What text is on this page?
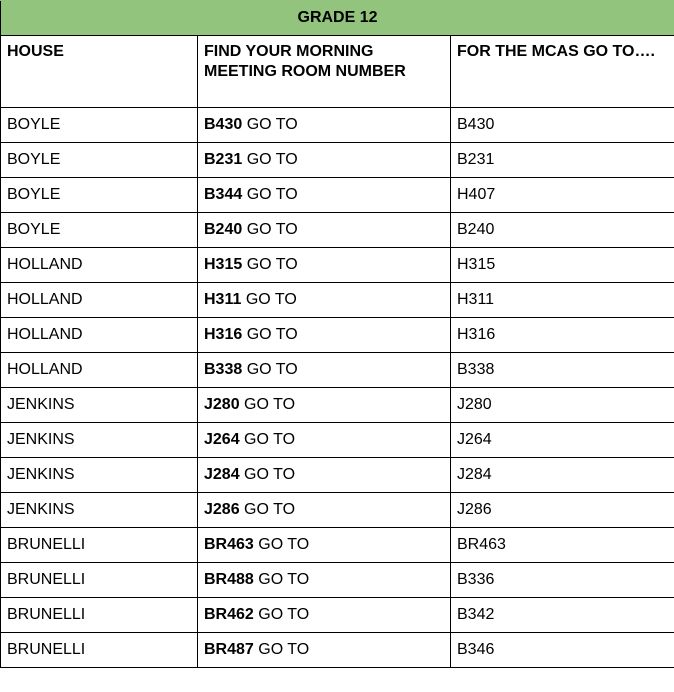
GRADE 12		
HOUSE	FIND YOUR MORNING MEETING ROOM NUMBER	FOR THE MCAS GO TO….
BOYLE	B430 GO TO	B430
BOYLE	B231 GO TO	B231
BOYLE	B344 GO TO	H407
BOYLE	B240 GO TO	B240
HOLLAND	H315 GO TO	H315
HOLLAND	H311 GO TO	H311
HOLLAND	H316 GO TO	H316
HOLLAND	B338 GO TO	B338
JENKINS	J280 GO TO	J280
JENKINS	J264 GO TO	J264
JENKINS	J284 GO TO	J284
JENKINS	J286 GO TO	J286
BRUNELLI	BR463 GO TO	BR463
BRUNELLI	BR488 GO TO	B336
BRUNELLI	BR462 GO TO	B342
BRUNELLI	BR487 GO TO	B346
